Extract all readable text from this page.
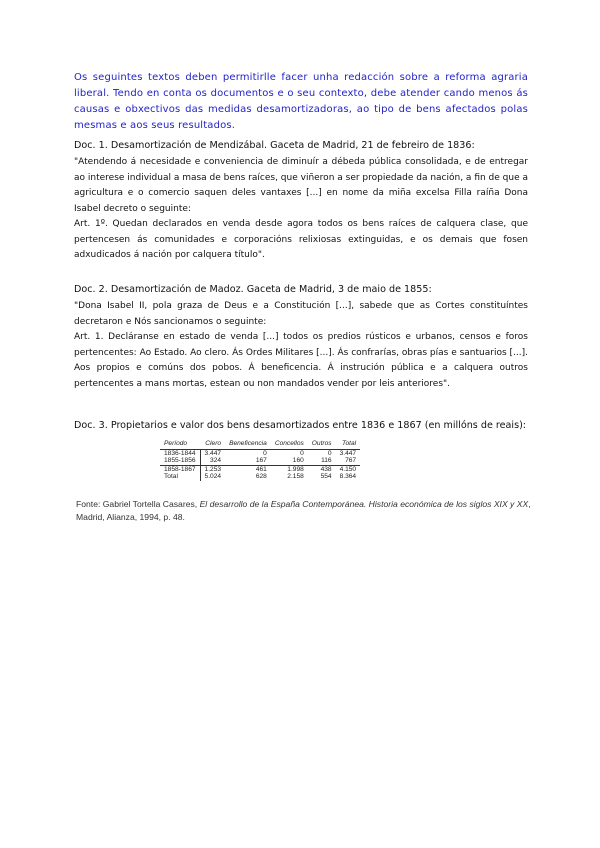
Os seguintes textos deben permitirlle facer unha redacción sobre a reforma agraria liberal. Tendo en conta os documentos e o seu contexto, debe atender cando menos ás causas e obxectivos das medidas desamortizadoras, ao tipo de bens afectados polas mesmas e aos seus resultados.

Doc. 1. Desamortización de Mendizábal. Gaceta de Madrid, 21 de febreiro de 1836:

"Atendendo á necesidade e conveniencia de diminuír a débeda pública consolidada, e de entregar ao interese individual a masa de bens raíces, que viñeron a ser propiedade da nación, a fin de que a agricultura e o comercio saquen deles vantaxes [...] en nome da miña excelsa Filla raíña Dona Isabel decreto o seguinte:

Art. 1º. Quedan declarados en venda desde agora todos os bens raíces de calquera clase, que pertencesen ás comunidades e corporacións relixiosas extinguidas, e os demais que fosen adxudicados á nación por calquera título".

Doc. 2. Desamortización de Madoz. Gaceta de Madrid, 3 de maio de 1855:

"Dona Isabel II, pola graza de Deus e a Constitución [...], sabede que as Cortes constituíntes decretaron e Nós sancionamos o seguinte:

Art. 1. Decláranse en estado de venda [...] todos os predios rústicos e urbanos, censos e foros pertencentes: Ao Estado. Ao clero. Ás Ordes Militares [...]. Ás confrarías, obras pías e santuarios [...]. Aos propios e comúns dos pobos. Á beneficencia. Á instrución pública e a calquera outros pertencentes a mans mortas, estean ou non mandados vender por leis anteriores".

Doc. 3. Propietarios e valor dos bens desamortizados entre 1836 e 1867 (en millóns de reais):

Período	Clero	Beneficencia	Concellos	Outros	Total
1836-1844	3.447	0	0	0	3.447
1855-1856	324	167	160	116	767
1858-1867	1.253	461	1.998	438	4.150
Total	5.024	628	2.158	554	8.364
Fonte: Gabriel Tortella Casares, El desarrollo de la España Contemporánea. Historia económica de los siglos XIX y XX, Madrid, Alianza, 1994, p. 48.
